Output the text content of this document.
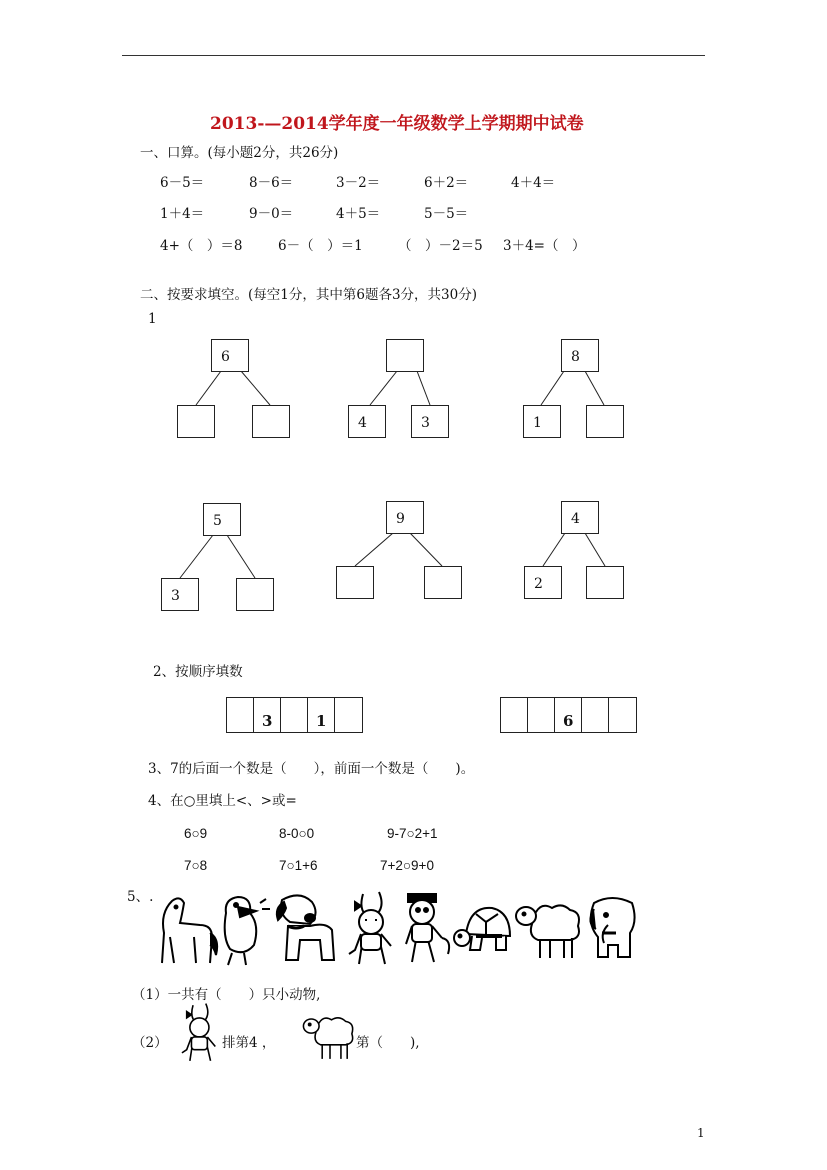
2013-—2014学年度一年级数学上学期期中试卷
一、口算。(每小题2分，共26分)
6－5＝	8－6＝	3－2＝	6＋2＝	4＋4＝
1＋4＝	9－0＝	4＋5＝	5－5＝
4+（　）＝8	6－（　）＝1	（　）－2＝5 3＋4=（　）
二、按要求填空。(每空1分，其中第6题各3分，共30分)
1
6
4	3
8
1
5
3
9	4
2
2、按顺序填数
3	1	6
3、7的后面一个数是（　　），前面一个数是（　　)。
4、在○里填上<、>或=
6○9	8-0○0	9-7○2+1
7○8	7○1+6	7+2○9+0
5、.
（1）一共有（　　）只小动物,
（2）	排第4 ，	第（　　),
1
